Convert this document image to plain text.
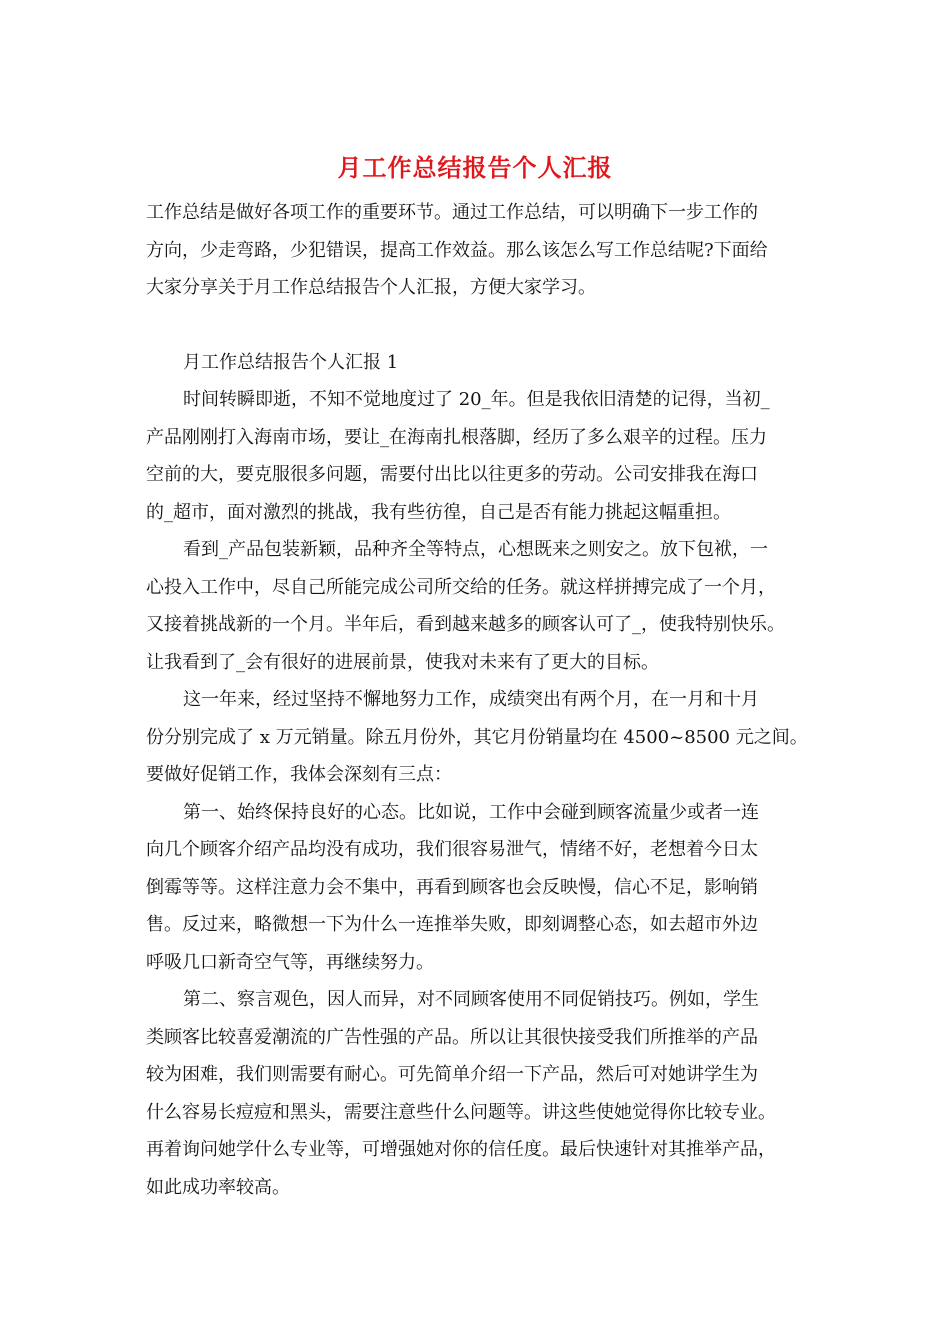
月工作总结报告个人汇报
工作总结是做好各项工作的重要环节。通过工作总结，可以明确下一步工作的
方向，少走弯路，少犯错误，提高工作效益。那么该怎么写工作总结呢?下面给
大家分享关于月工作总结报告个人汇报，方便大家学习。
月工作总结报告个人汇报 1
时间转瞬即逝，不知不觉地度过了 20_年。但是我依旧清楚的记得，当初_
产品刚刚打入海南市场，要让_在海南扎根落脚，经历了多么艰辛的过程。压力
空前的大，要克服很多问题，需要付出比以往更多的劳动。公司安排我在海口
的_超市，面对激烈的挑战，我有些彷徨，自己是否有能力挑起这幅重担。
看到_产品包装新颖，品种齐全等特点，心想既来之则安之。放下包袱，一
心投入工作中，尽自己所能完成公司所交给的任务。就这样拼搏完成了一个月，
又接着挑战新的一个月。半年后，看到越来越多的顾客认可了_，使我特别快乐。
让我看到了_会有很好的进展前景，使我对未来有了更大的目标。
这一年来，经过坚持不懈地努力工作，成绩突出有两个月，在一月和十月
份分别完成了 x 万元销量。除五月份外，其它月份销量均在 4500~8500 元之间。
要做好促销工作，我体会深刻有三点：
第一、始终保持良好的心态。比如说，工作中会碰到顾客流量少或者一连
向几个顾客介绍产品均没有成功，我们很容易泄气，情绪不好，老想着今日太
倒霉等等。这样注意力会不集中，再看到顾客也会反映慢，信心不足，影响销
售。反过来，略微想一下为什么一连推举失败，即刻调整心态，如去超市外边
呼吸几口新奇空气等，再继续努力。
第二、察言观色，因人而异，对不同顾客使用不同促销技巧。例如，学生
类顾客比较喜爱潮流的广告性强的产品。所以让其很快接受我们所推举的产品
较为困难，我们则需要有耐心。可先简单介绍一下产品，然后可对她讲学生为
什么容易长痘痘和黑头，需要注意些什么问题等。讲这些使她觉得你比较专业。
再着询问她学什么专业等，可增强她对你的信任度。最后快速针对其推举产品，
如此成功率较高。
